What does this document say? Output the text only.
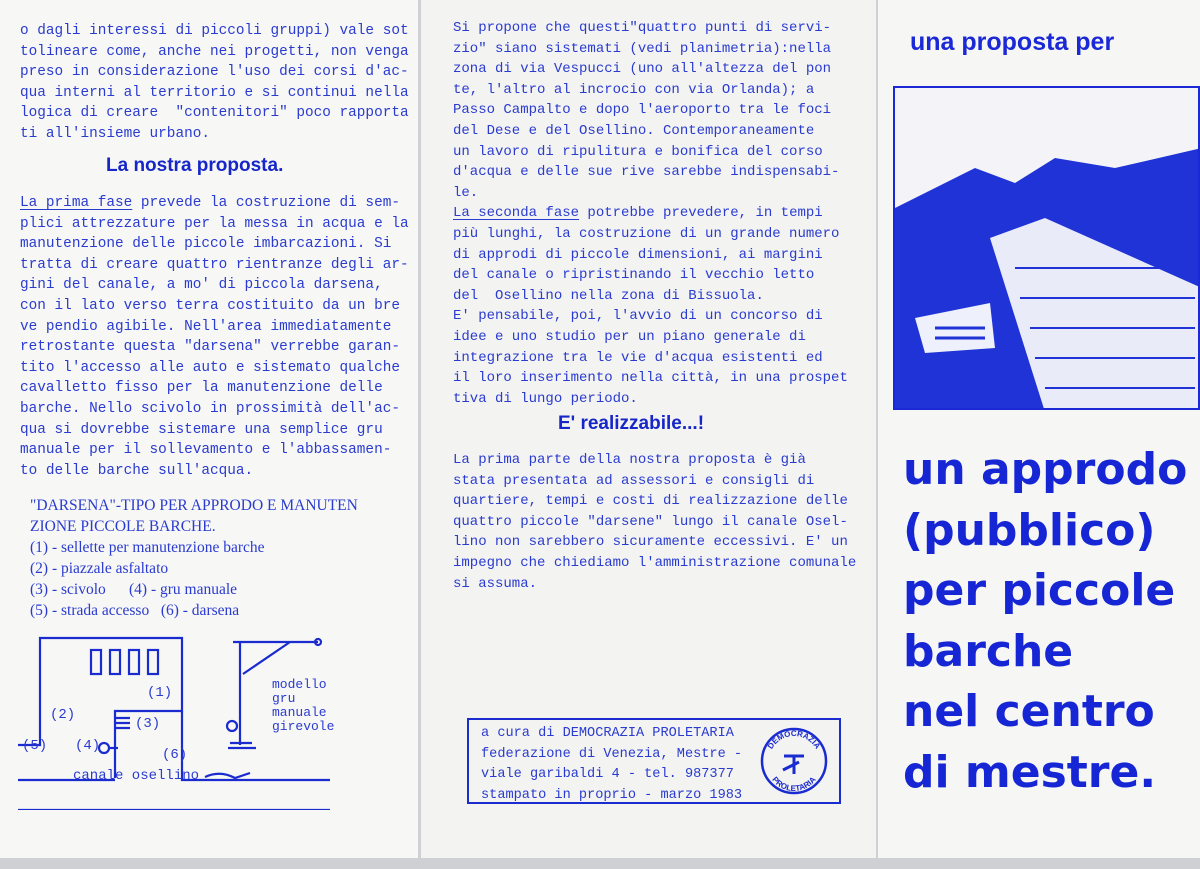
o dagli interessi di piccoli gruppi) vale sot
tolineare come, anche nei progetti, non venga
preso in considerazione l'uso dei corsi d'ac-
qua interni al territorio e si continui nella
logica di creare  "contenitori" poco rapporta
ti all'insieme urbano.
La nostra proposta.
La prima fase prevede la costruzione di sem-
plici attrezzature per la messa in acqua e la
manutenzione delle piccole imbarcazioni. Si
tratta di creare quattro rientranze degli ar-
gini del canale, a mo' di piccola darsena,
con il lato verso terra costituito da un bre
ve pendio agibile. Nell'area immediatamente
retrostante questa "darsena" verrebbe garan-
tito l'accesso alle auto e sistemato qualche
cavalletto fisso per la manutenzione delle
barche. Nello scivolo in prossimità dell'ac-
qua si dovrebbe sistemare una semplice gru
manuale per il sollevamento e l'abbassamen-
to delle barche sull'acqua.
"DARSENA"-TIPO PER APPRODO E MANUTEN
ZIONE PICCOLE BARCHE.
(1) - sellette per manutenzione barche
(2) - piazzale asfaltato
(3) - scivolo      (4) - gru manuale
(5) - strada accesso   (6) - darsena
(1)
(2)
(3)
(4)
(5)
(6)
canale osellino
modello
gru
manuale
girevole
Si propone che questi"quattro punti di servi-
zio" siano sistemati (vedi planimetria):nella
zona di via Vespucci (uno all'altezza del pon
te, l'altro al incrocio con via Orlanda); a
Passo Campalto e dopo l'aeroporto tra le foci
del Dese e del Osellino. Contemporaneamente
un lavoro di ripulitura e bonifica del corso
d'acqua e delle sue rive sarebbe indispensabi-
le.
La seconda fase potrebbe prevedere, in tempi
più lunghi, la costruzione di un grande numero
di approdi di piccole dimensioni, ai margini
del canale o ripristinando il vecchio letto
del  Osellino nella zona di Bissuola.
E' pensabile, poi, l'avvio di un concorso di
idee e uno studio per un piano generale di
integrazione tra le vie d'acqua esistenti ed
il loro inserimento nella città, in una prospet
tiva di lungo periodo.
E' realizzabile...!
La prima parte della nostra proposta è già
stata presentata ad assessori e consigli di
quartiere, tempi e costi di realizzazione delle
quattro piccole "darsene" lungo il canale Osel-
lino non sarebbero sicuramente eccessivi. E' un
impegno che chiediamo l'amministrazione comunale
si assuma.
a cura di DEMOCRAZIA PROLETARIA
federazione di Venezia, Mestre -
viale garibaldi 4 - tel. 987377
stampato in proprio - marzo 1983
DEMOCRAZIA
PROLETARIA
una proposta per
un approdo
(pubblico)
per piccole
barche
nel centro
di mestre.
